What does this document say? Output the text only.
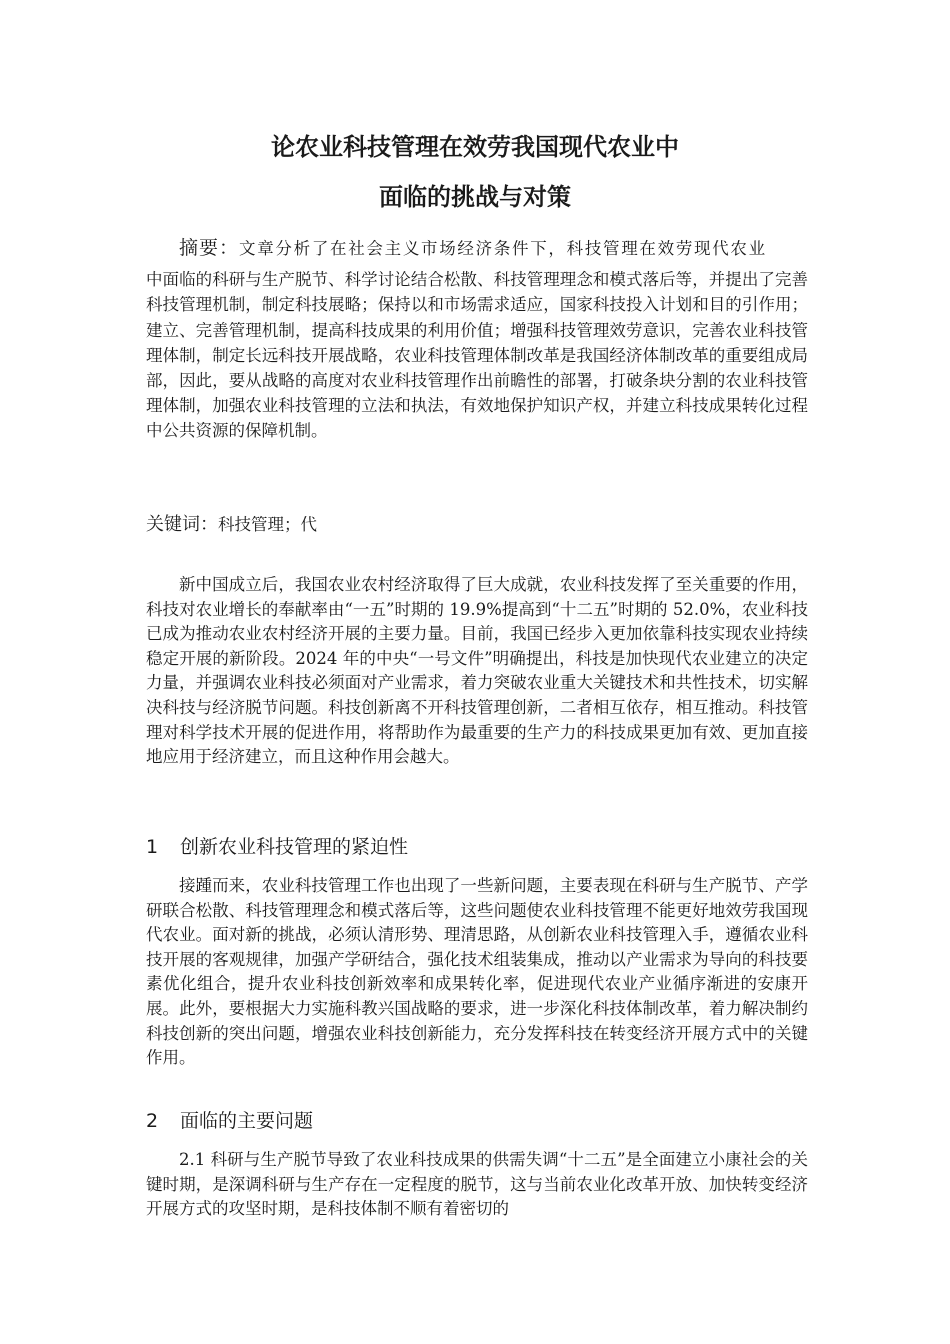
论农业科技管理在效劳我国现代农业中
面临的挑战与对策
摘要：文章分析了在社会主义市场经济条件下，科技管理在效劳现代农业
中面临的科研与生产脱节、科学讨论结合松散、科技管理理念和模式落后等，并提出了完善科技管理机制，制定科技展略；保持以和市场需求适应，国家科技投入计划和目的引作用；建立、完善管理机制，提高科技成果的利用价值；增强科技管理效劳意识，完善农业科技管理体制，制定长远科技开展战略，农业科技管理体制改革是我国经济体制改革的重要组成局部，因此，要从战略的高度对农业科技管理作出前瞻性的部署，打破条块分割的农业科技管理体制，加强农业科技管理的立法和执法，有效地保护知识产权，并建立科技成果转化过程中公共资源的保障机制。
关键词：科技管理；代
新中国成立后，我国农业农村经济取得了巨大成就，农业科技发挥了至关重要的作用，科技对农业增长的奉献率由“一五”时期的 19.9%提高到“十二五”时期的 52.0%，农业科技已成为推动农业农村经济开展的主要力量。目前，我国已经步入更加依靠科技实现农业持续稳定开展的新阶段。2024 年的中央“一号文件”明确提出，科技是加快现代农业建立的决定力量，并强调农业科技必须面对产业需求，着力突破农业重大关键技术和共性技术，切实解决科技与经济脱节问题。科技创新离不开科技管理创新，二者相互依存，相互推动。科技管理对科学技术开展的促进作用，将帮助作为最重要的生产力的科技成果更加有效、更加直接地应用于经济建立，而且这种作用会越大。
1 创新农业科技管理的紧迫性
接踵而来，农业科技管理工作也出现了一些新问题，主要表现在科研与生产脱节、产学研联合松散、科技管理理念和模式落后等，这些问题使农业科技管理不能更好地效劳我国现代农业。面对新的挑战，必须认清形势、理清思路，从创新农业科技管理入手，遵循农业科技开展的客观规律，加强产学研结合，强化技术组装集成，推动以产业需求为导向的科技要素优化组合，提升农业科技创新效率和成果转化率，促进现代农业产业循序渐进的安康开展。此外，要根据大力实施科教兴国战略的要求，进一步深化科技体制改革，着力解决制约科技创新的突出问题，增强农业科技创新能力，充分发挥科技在转变经济开展方式中的关键作用。
2 面临的主要问题
2.1 科研与生产脱节导致了农业科技成果的供需失调“十二五”是全面建立小康社会的关键时期，是深调科研与生产存在一定程度的脱节，这与当前农业化改革开放、加快转变经济开展方式的攻坚时期，是科技体制不顺有着密切的
